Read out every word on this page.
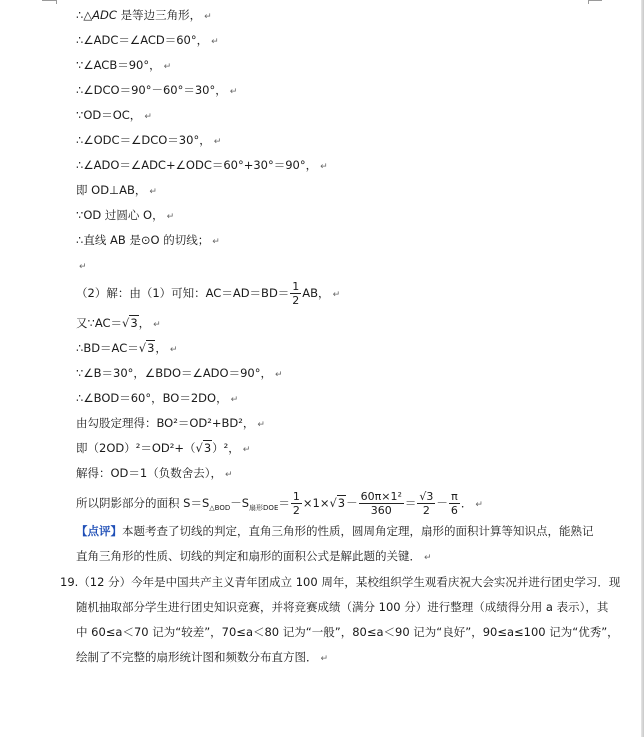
∴△ADC 是等边三角形， ↵
∴∠ADC＝∠ACD＝60°， ↵
∵∠ACB＝90°， ↵
∴∠DCO＝90°－60°＝30°， ↵
∵OD＝OC， ↵
∴∠ODC＝∠DCO＝30°， ↵
∴∠ADO＝∠ADC+∠ODC＝60°+30°＝90°， ↵
即 OD⊥AB， ↵
∵OD 过圆心 O， ↵
∴直线 AB 是⊙O 的切线； ↵
↵
（2）解：由（1）可知：$AC=AD=BD= \frac{1}{2}$ AB， ↵
又∵AC＝√3， ↵
∴BD＝AC＝√3， ↵
∵∠B＝30°，∠BDO＝∠ADO＝90°， ↵
∴∠BOD＝60°，BO＝2DO， ↵
由勾股定理得：BO²＝OD²+BD²， ↵
即（2OD）²＝OD²+（√3）²， ↵
解得：OD＝1（负数舍去）， ↵
所以阴影部分的面积 $S=S_{\triangle BOD}-S_{扇形DOE}= \frac{1}{2} \times 1\times√3- \frac{\text{60π×1²}}{360} = \frac{√3}{2} - \frac{\pi}{6}$ ． ↵
【点评】本题考查了切线的判定，直角三角形的性质，圆周角定理，扇形的面积计算等知识点，能熟记
直角三角形的性质、切线的判定和扇形的面积公式是解此题的关键． ↵
19.（12 分）今年是中国共产主义青年团成立 100 周年，某校组织学生观看庆祝大会实况并进行团史学习．现
随机抽取部分学生进行团史知识竞赛，并将竞赛成绩（满分 100 分）进行整理（成绩得分用 a 表示），其
中 60≤a＜70 记为“较差”，70≤a＜80 记为“一般”，80≤a＜90 记为“良好”，90≤a≤100 记为“优秀”，
绘制了不完整的扇形统计图和频数分布直方图． ↵
